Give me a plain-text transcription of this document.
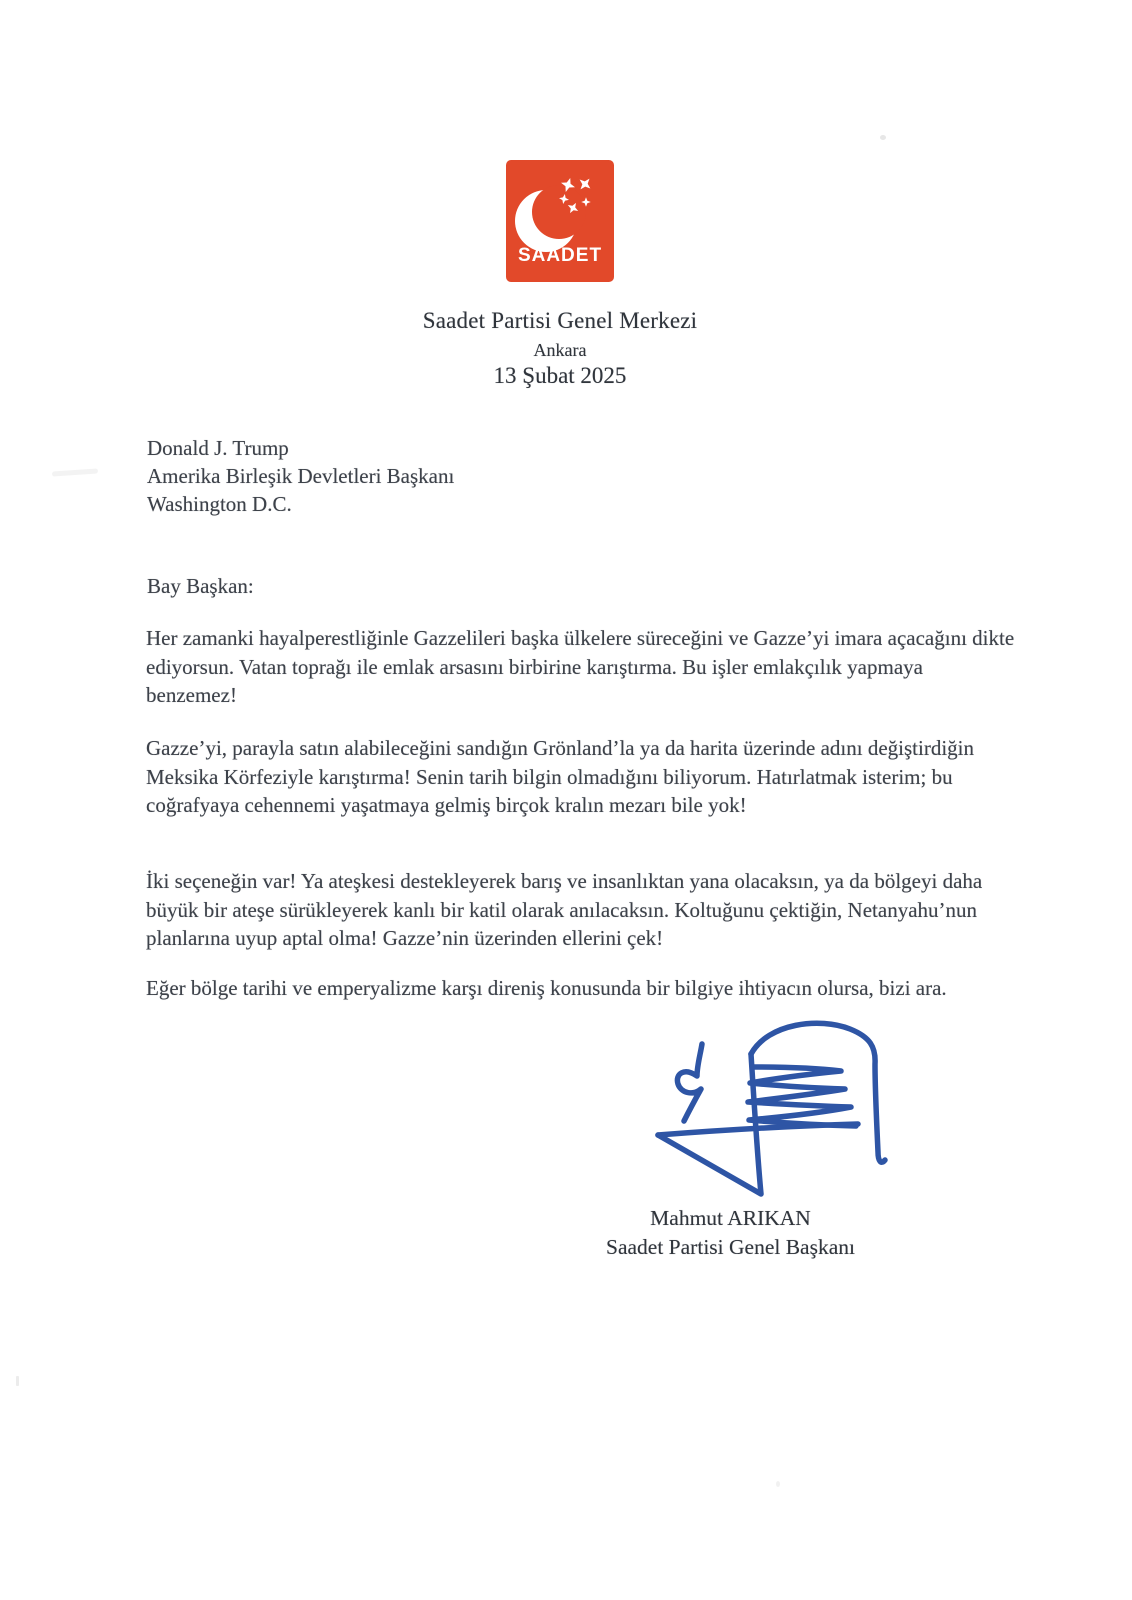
SAADET
Saadet Partisi Genel Merkezi
Ankara
13 Şubat 2025
Donald J. Trump
Amerika Birleşik Devletleri Başkanı
Washington D.C.
Bay Başkan:

Her zamanki hayalperestliğinle Gazzelileri başka ülkelere süreceğini ve Gazze’yi imara açacağını dikte ediyorsun. Vatan toprağı ile emlak arsasını birbirine karıştırma. Bu işler emlakçılık yapmaya benzemez!

Gazze’yi, parayla satın alabileceğini sandığın Grönland’la ya da harita üzerinde adını değiştirdiğin Meksika Körfeziyle karıştırma! Senin tarih bilgin olmadığını biliyorum. Hatırlatmak isterim; bu coğrafyaya cehennemi yaşatmaya gelmiş birçok kralın mezarı bile yok!

İki seçeneğin var! Ya ateşkesi destekleyerek barış ve insanlıktan yana olacaksın, ya da bölgeyi daha büyük bir ateşe sürükleyerek kanlı bir katil olarak anılacaksın. Koltuğunu çektiğin, Netanyahu’nun planlarına uyup aptal olma! Gazze’nin üzerinden ellerini çek!

Eğer bölge tarihi ve emperyalizme karşı direniş konusunda bir bilgiye ihtiyacın olursa, bizi ara.

Mahmut ARIKAN
Saadet Partisi Genel Başkanı
